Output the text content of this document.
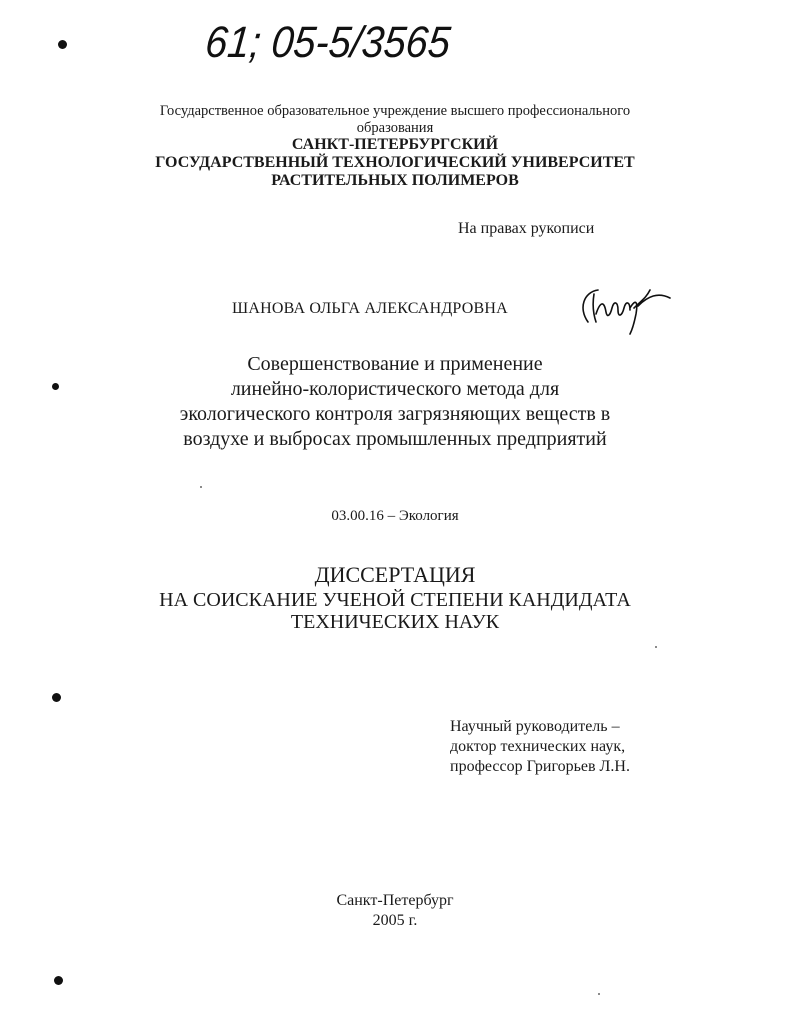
61; 05-5/3565
Государственное образовательное учреждение высшего профессионального
образования
САНКТ-ПЕТЕРБУРГСКИЙ
ГОСУДАРСТВЕННЫЙ ТЕХНОЛОГИЧЕСКИЙ УНИВЕРСИТЕТ
РАСТИТЕЛЬНЫХ ПОЛИМЕРОВ
На правах рукописи
ШАНОВА ОЛЬГА АЛЕКСАНДРОВНА
Совершенствование и применение
линейно-колористического метода для
экологического контроля загрязняющих веществ в
воздухе и выбросах промышленных предприятий
03.00.16 – Экология
ДИССЕРТАЦИЯ
НА СОИСКАНИЕ УЧЕНОЙ СТЕПЕНИ КАНДИДАТА
ТЕХНИЧЕСКИХ НАУК
Научный руководитель –
доктор технических наук,
профессор Григорьев Л.Н.
Санкт-Петербург
2005 г.
